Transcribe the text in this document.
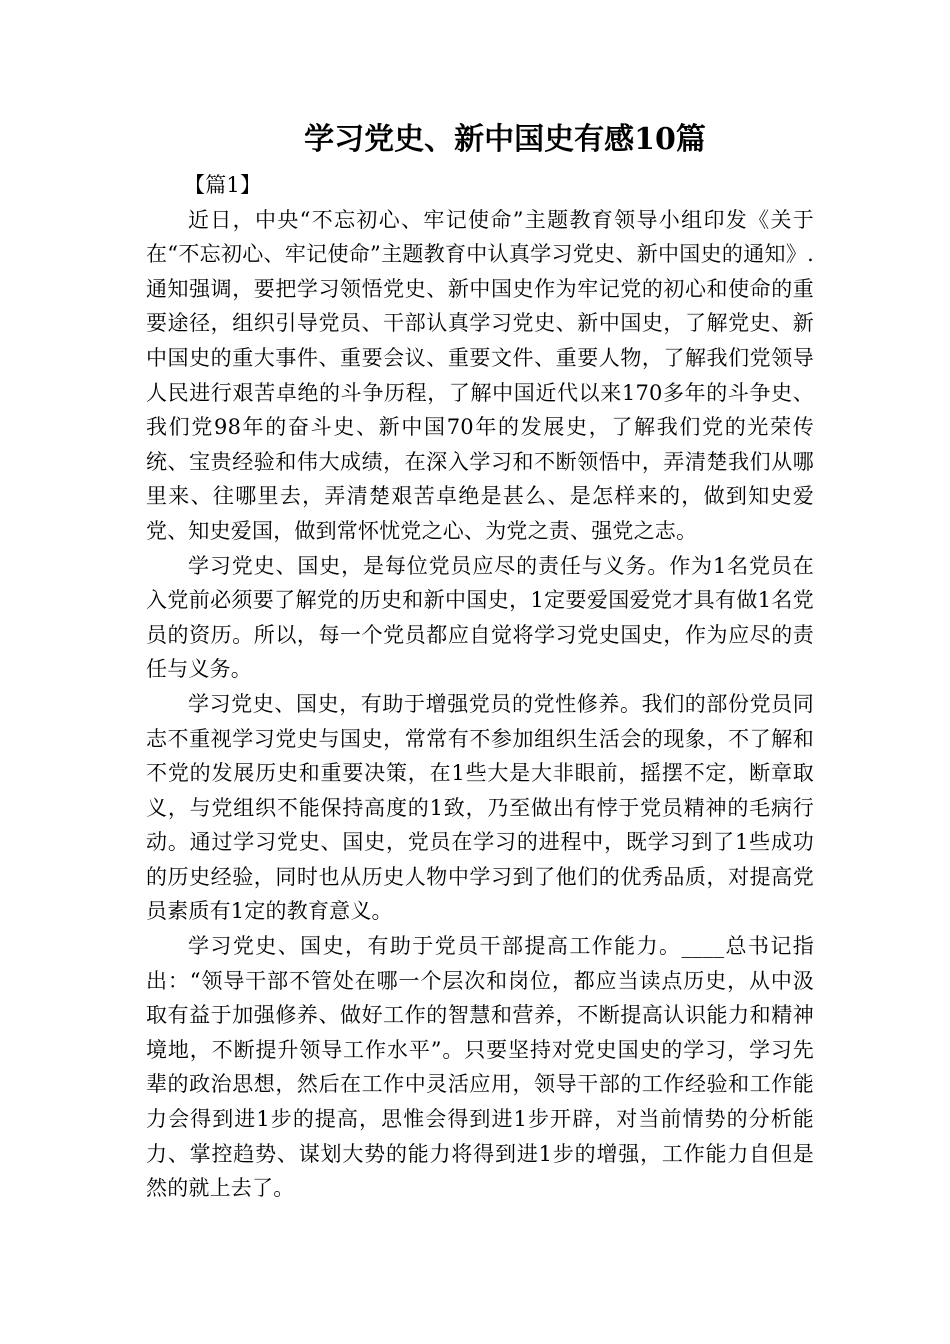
学习党史、新中国史有感10篇

【篇1】

近日，中央“不忘初心、牢记使命”主题教育领导小组印发《关于在“不忘初心、牢记使命”主题教育中认真学习党史、新中国史的通知》.通知强调，要把学习领悟党史、新中国史作为牢记党的初心和使命的重要途径，组织引导党员、干部认真学习党史、新中国史，了解党史、新中国史的重大事件、重要会议、重要文件、重要人物，了解我们党领导人民进行艰苦卓绝的斗争历程，了解中国近代以来170多年的斗争史、我们党98年的奋斗史、新中国70年的发展史，了解我们党的光荣传统、宝贵经验和伟大成绩，在深入学习和不断领悟中，弄清楚我们从哪里来、往哪里去，弄清楚艰苦卓绝是甚么、是怎样来的，做到知史爱党、知史爱国，做到常怀忧党之心、为党之责、强党之志。

学习党史、国史，是每位党员应尽的责任与义务。作为1名党员在入党前必须要了解党的历史和新中国史，1定要爱国爱党才具有做1名党员的资历。所以，每一个党员都应自觉将学习党史国史，作为应尽的责任与义务。

学习党史、国史，有助于增强党员的党性修养。我们的部份党员同志不重视学习党史与国史，常常有不参加组织生活会的现象，不了解和不党的发展历史和重要决策，在1些大是大非眼前，摇摆不定，断章取义，与党组织不能保持高度的1致，乃至做出有悖于党员精神的毛病行动。通过学习党史、国史，党员在学习的进程中，既学习到了1些成功的历史经验，同时也从历史人物中学习到了他们的优秀品质，对提高党员素质有1定的教育意义。

学习党史、国史，有助于党员干部提高工作能力。____总书记指出：“领导干部不管处在哪一个层次和岗位，都应当读点历史，从中汲取有益于加强修养、做好工作的智慧和营养，不断提高认识能力和精神境地，不断提升领导工作水平”。只要坚持对党史国史的学习，学习先辈的政治思想，然后在工作中灵活应用，领导干部的工作经验和工作能力会得到进1步的提高，思惟会得到进1步开辟，对当前情势的分析能力、掌控趋势、谋划大势的能力将得到进1步的增强，工作能力自但是然的就上去了。
